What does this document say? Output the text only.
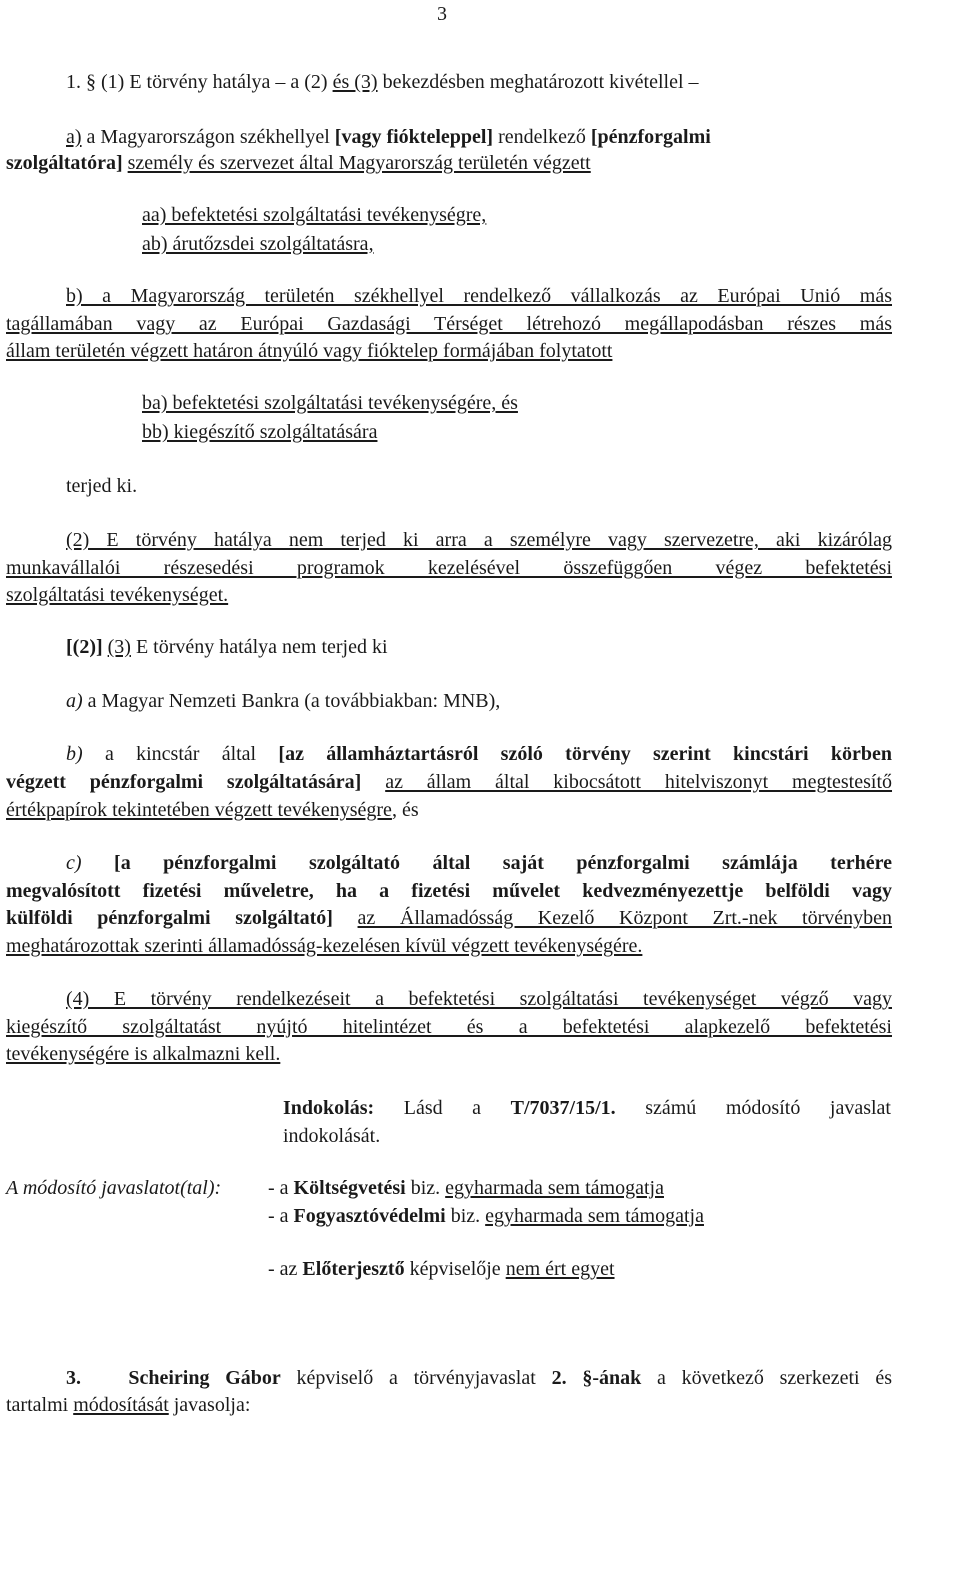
3
1. § (1) E törvény hatálya – a (2) és (3) bekezdésben meghatározott kivétellel –
a) a Magyarországon székhellyel [vagy fiókteleppel] rendelkező [pénzforgalmi
szolgáltatóra] személy és szervezet által Magyarország területén végzett
aa) befektetési szolgáltatási tevékenységre,
ab) árutőzsdei szolgáltatásra,
b) a Magyarország területén székhellyel rendelkező vállalkozás az Európai Unió más
tagállamában vagy az Európai Gazdasági Térséget létrehozó megállapodásban részes más
állam területén végzett határon átnyúló vagy fióktelep formájában folytatott
ba) befektetési szolgáltatási tevékenységére, és
bb) kiegészítő szolgáltatására
terjed ki.
(2) E törvény hatálya nem terjed ki arra a személyre vagy szervezetre, aki kizárólag
munkavállalói részesedési programok kezelésével összefüggően végez befektetési
szolgáltatási tevékenységet.
[(2)] (3) E törvény hatálya nem terjed ki
a) a Magyar Nemzeti Bankra (a továbbiakban: MNB),
b) a kincstár által [az államháztartásról szóló törvény szerint kincstári körben
végzett pénzforgalmi szolgáltatására] az állam által kibocsátott hitelviszonyt megtestesítő
értékpapírok tekintetében végzett tevékenységre, és
c) [a pénzforgalmi szolgáltató által saját pénzforgalmi számlája terhére
megvalósított fizetési műveletre, ha a fizetési művelet kedvezményezettje belföldi vagy
külföldi pénzforgalmi szolgáltató] az Államadósság Kezelő Központ Zrt.-nek törvényben
meghatározottak szerinti államadósság-kezelésen kívül végzett tevékenységére.
(4) E törvény rendelkezéseit a befektetési szolgáltatási tevékenységet végző vagy
kiegészítő szolgáltatást nyújtó hitelintézet és a befektetési alapkezelő befektetési
tevékenységére is alkalmazni kell.
Indokolás: Lásd a T/7037/15/1. számú módosító javaslat
indokolását.
A módosító javaslatot(tal): - a Költségvetési biz. egyharmada sem támogatja
- a Fogyasztóvédelmi biz. egyharmada sem támogatja
- az Előterjesztő képviselője nem ért egyet
3. Scheiring Gábor képviselő a törvényjavaslat 2. §-ának a következő szerkezeti és
tartalmi módosítását javasolja:
